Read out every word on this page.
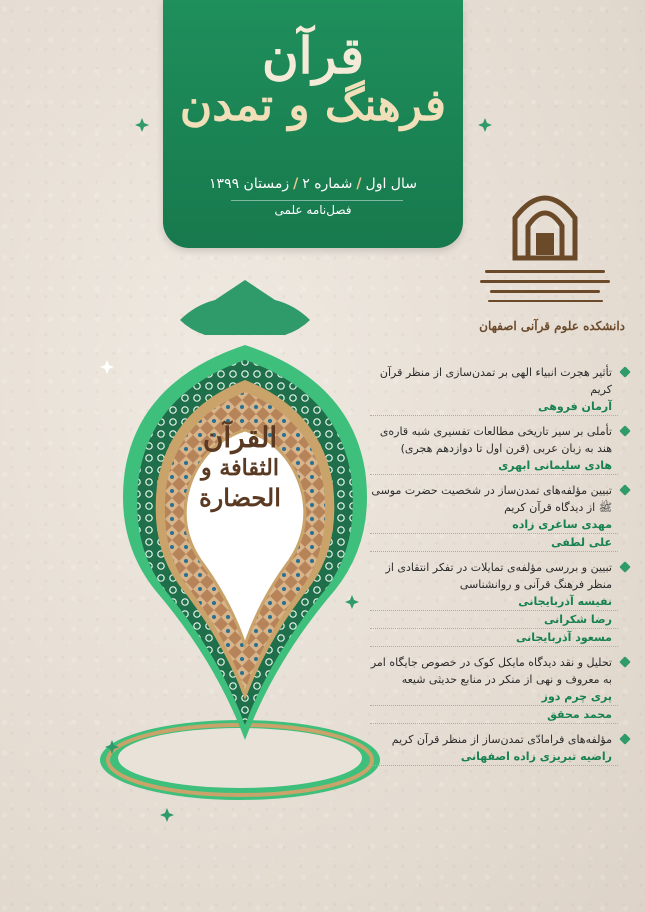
قرآن
فرهنگ و تمدن
سال اول/شماره ۲/زمستان ۱۳۹۹
فصل‌نامه علمی
دانشکده علوم قرآنی اصفهان
القرآن
الثقافة و
الحضارة
تأثیر هجرت انبیاء الهی بر تمدن‌سازی از منظر قرآن کریم
آرمان فروهی
تأملی بر سیر تاریخی مطالعات تفسیری شبه قاره‌ی هند به زبان عربی (قرن اول تا دوازدهم هجری)
هادی سلیمانی ابهری
تبیین مؤلفه‌های تمدن‌ساز در شخصیت حضرت موسی ﷺ از دیدگاه قرآن کریم
مهدی ساغری زاده
علی لطفی
تبیین و بررسی مؤلفه‌ی تمایلات در تفکر انتقادی از منظر فرهنگ قرآنی و روانشناسی
نفیسه آذربایجانی
رضا شکرانی
مسعود آذربایجانی
تحلیل و نقد دیدگاه مایکل کوک در خصوص جایگاه امر به معروف و نهی از منکر در منابع حدیثی شیعه
پری چرم دوز
محمد محقق
مؤلفه‌های فرامادّی تمدن‌ساز از منظر قرآن کریم
راضیه تبریزی زاده اصفهانی
